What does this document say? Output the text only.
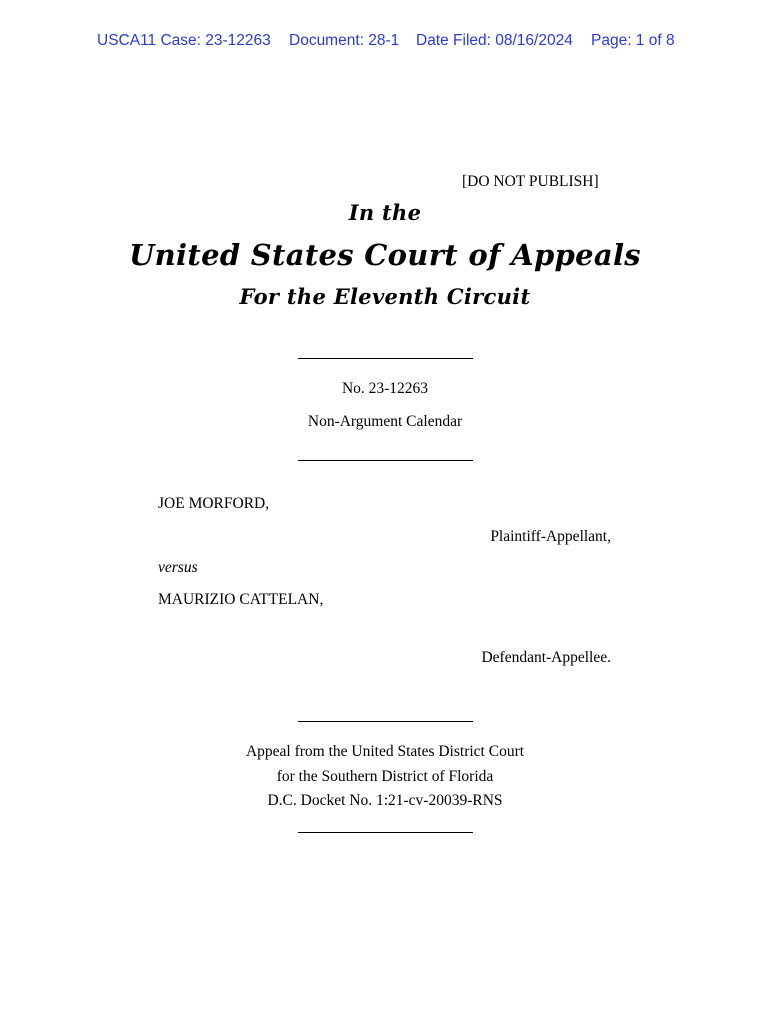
USCA11 Case: 23-12263 Document: 28-1 Date Filed: 08/16/2024 Page: 1 of 8
[DO NOT PUBLISH]
In the
United States Court of Appeals
For the Eleventh Circuit
No. 23-12263
Non-Argument Calendar
JOE MORFORD,
Plaintiff-Appellant,
versus
MAURIZIO CATTELAN,
Defendant-Appellee.
Appeal from the United States District Court
for the Southern District of Florida
D.C. Docket No. 1:21-cv-20039-RNS
